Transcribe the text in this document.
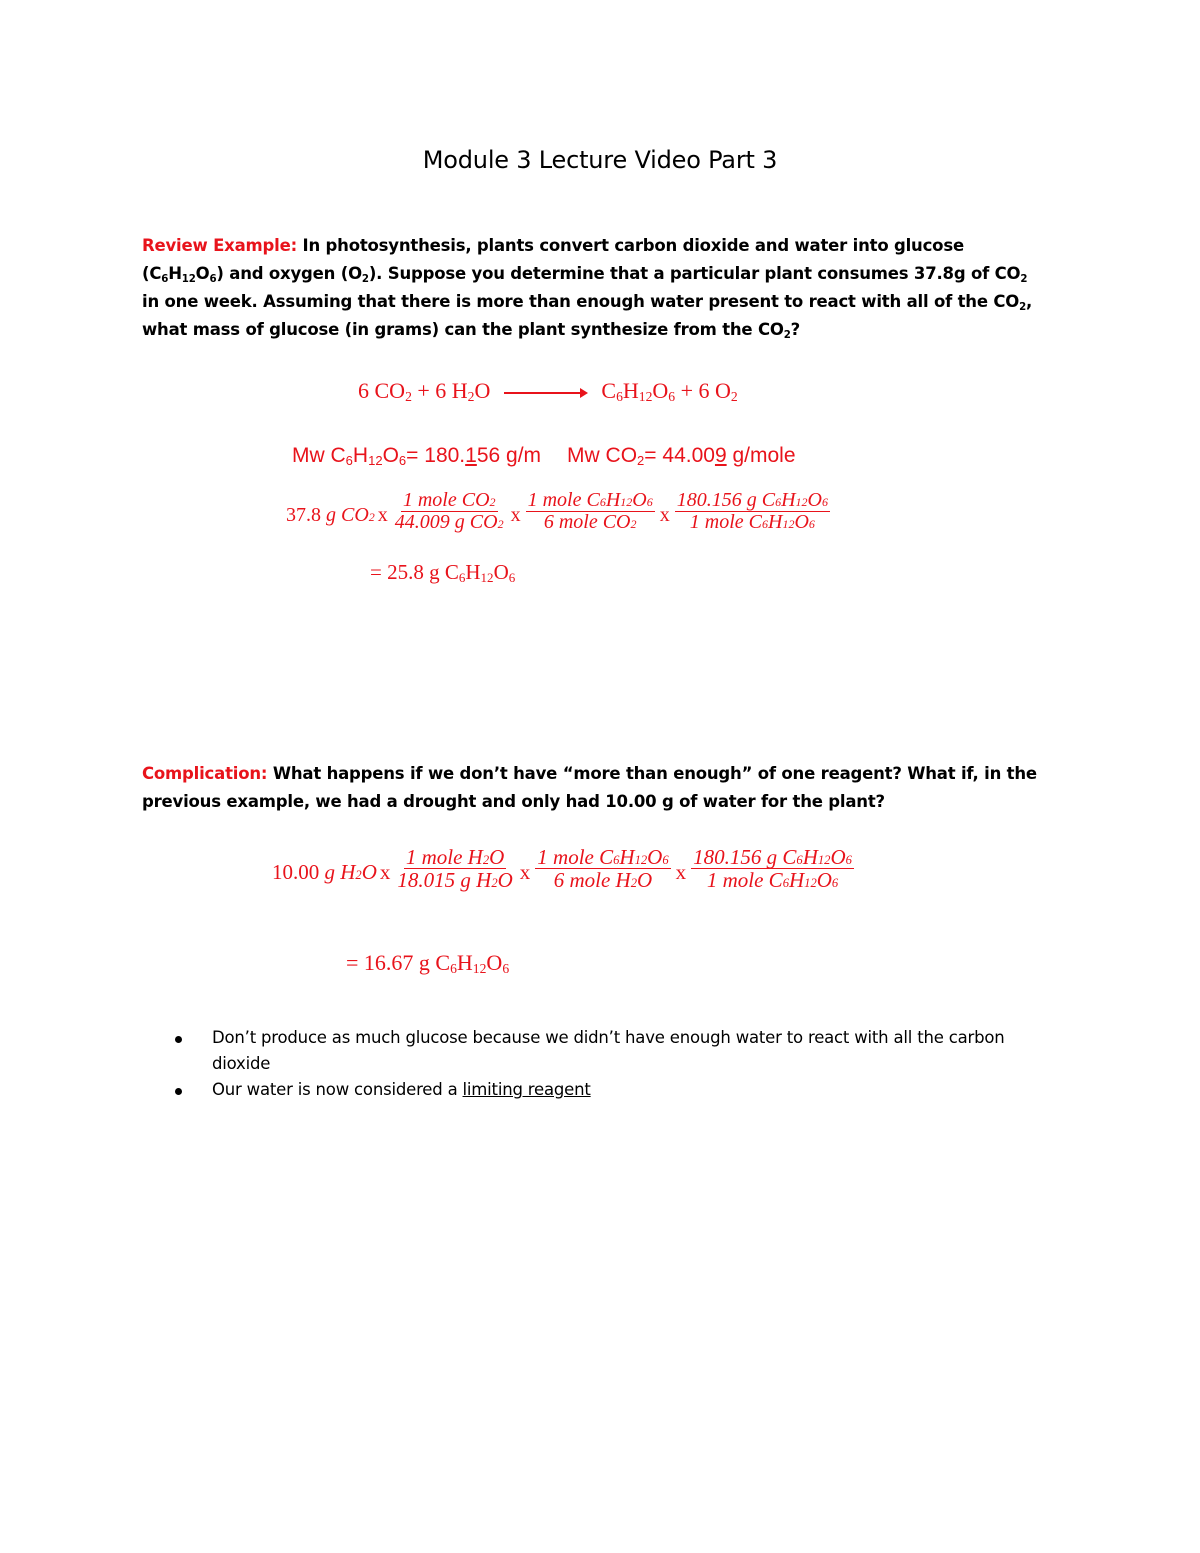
Module 3 Lecture Video Part 3
Review Example: In photosynthesis, plants convert carbon dioxide and water into glucose $(C_6H_{12}O_6)$ and oxygen $(O_2)$. Suppose you determine that a particular plant consumes 37.8g of $CO_2$ in one week. Assuming that there is more than enough water present to react with all of the $CO_2$, what mass of glucose (in grams) can the plant synthesize from the $CO_2$?
6 $CO_2 + 6$ $H_2O \to C_6H_{12}O_6 + 6$ $O_2$
Mw $C_6H_{12}O_6= 180.156$ g/m Mw $CO_2= 44.009$ g/mole
37.8 g CO2 x $\frac{\text{1 mole CO2}}{\text{44.009 g CO2}}$ x $\frac{\text{1 mole C6H12O6}}{\text{6 mole CO2}}$ x $\frac{\text{180.156 g C6H12O6}}{\text{1 mole C6H12O6}}$
= 25.8 g $C_6H_{12}O_6$
Complication: What happens if we don’t have “more than enough” of one reagent? What if, in the previous example, we had a drought and only had 10.00 g of water for the plant?
10.00 g H2O x $\frac{\text{1 mole H2O}}{\text{18.015 g H2O}}$ x $\frac{\text{1 mole C6H12O6}}{\text{6 mole H2O}}$ x $\frac{\text{180.156 g C6H12O6}}{\text{1 mole C6H12O6}}$
= 16.67 g $C_6H_{12}O_6$
Don’t produce as much glucose because we didn’t have enough water to react with all the carbon dioxide
Our water is now considered a limiting reagent
